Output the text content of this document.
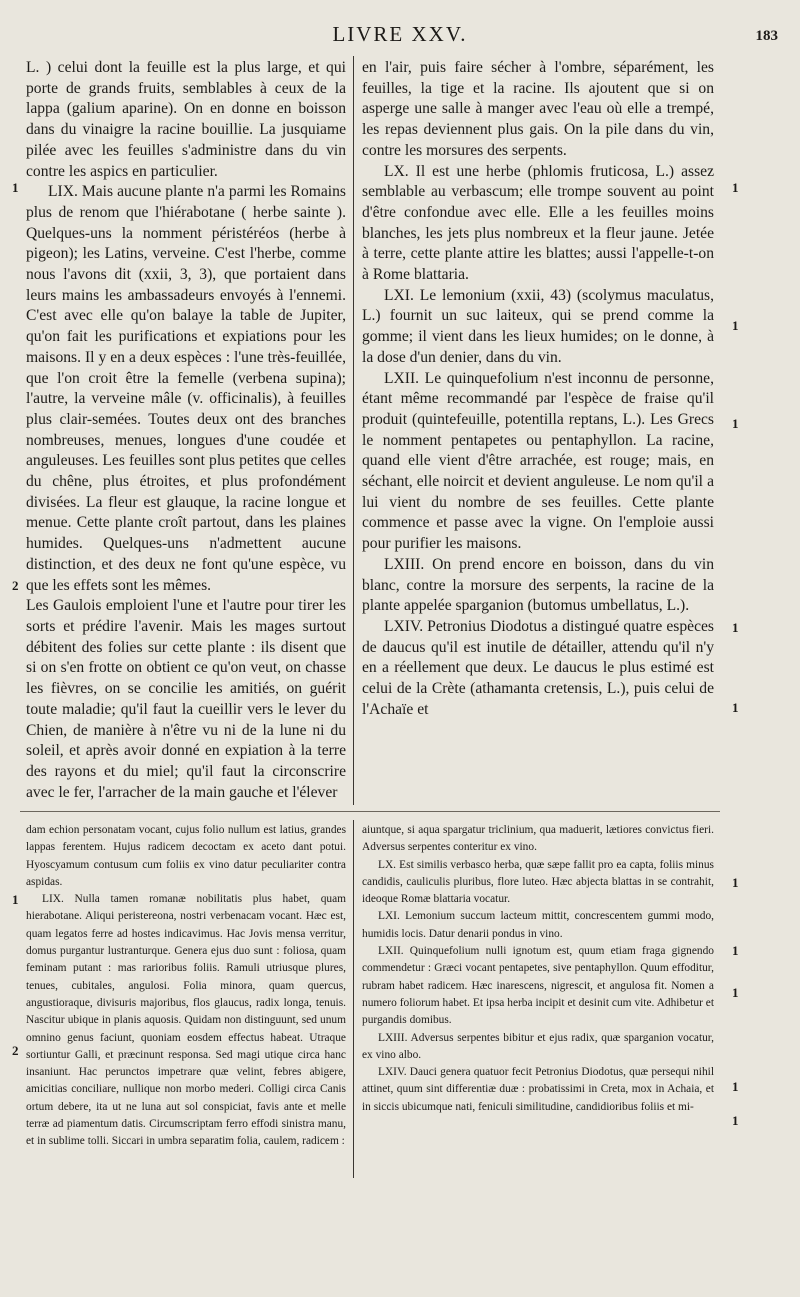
LIVRE XXV.	183

L. ) celui dont la feuille est la plus large, et qui porte de grands fruits, semblables à ceux de la lappa (galium aparine). On en donne en boisson dans du vinaigre la racine bouillie. La jusquiame pilée avec les feuilles s'administre dans du vin contre les aspics en particulier.

LIX. Mais aucune plante n'a parmi les Romains plus de renom que l'hiérabotane ( herbe sainte ). Quelques-uns la nomment péristéréos (herbe à pigeon); les Latins, verveine. C'est l'herbe, comme nous l'avons dit (xxii, 3, 3), que portaient dans leurs mains les ambassadeurs envoyés à l'ennemi. C'est avec elle qu'on balaye la table de Jupiter, qu'on fait les purifications et expiations pour les maisons. Il y en a deux espèces : l'une très-feuillée, que l'on croit être la femelle (verbena supina); l'autre, la verveine mâle (v. officinalis), à feuilles plus clair-semées. Toutes deux ont des branches nombreuses, menues, longues d'une coudée et anguleuses. Les feuilles sont plus petites que celles du chêne, plus étroites, et plus profondément divisées. La fleur est glauque, la racine longue et menue. Cette plante croît partout, dans les plaines humides. Quelques-uns n'admettent aucune distinction, et des deux ne font qu'une espèce, vu que les effets sont les mêmes.

Les Gaulois emploient l'une et l'autre pour tirer les sorts et prédire l'avenir. Mais les mages surtout débitent des folies sur cette plante : ils disent que si on s'en frotte on obtient ce qu'on veut, on chasse les fièvres, on se concilie les amitiés, on guérit toute maladie; qu'il faut la cueillir vers le lever du Chien, de manière à n'être vu ni de la lune ni du soleil, et après avoir donné en expiation à la terre des rayons et du miel; qu'il faut la circonscrire avec le fer, l'arracher de la main gauche et l'élever

en l'air, puis faire sécher à l'ombre, séparément, les feuilles, la tige et la racine. Ils ajoutent que si on asperge une salle à manger avec l'eau où elle a trempé, les repas deviennent plus gais. On la pile dans du vin, contre les morsures des serpents.

LX. Il est une herbe (phlomis fruticosa, L.) assez semblable au verbascum; elle trompe souvent au point d'être confondue avec elle. Elle a les feuilles moins blanches, les jets plus nombreux et la fleur jaune. Jetée à terre, cette plante attire les blattes; aussi l'appelle-t-on à Rome blattaria.

LXI. Le lemonium (xxii, 43) (scolymus maculatus, L.) fournit un suc laiteux, qui se prend comme la gomme; il vient dans les lieux humides; on le donne, à la dose d'un denier, dans du vin.

LXII. Le quinquefolium n'est inconnu de personne, étant même recommandé par l'espèce de fraise qu'il produit (quintefeuille, potentilla reptans, L.). Les Grecs le nomment pentapetes ou pentaphyllon. La racine, quand elle vient d'être arrachée, est rouge; mais, en séchant, elle noircit et devient anguleuse. Le nom qu'il a lui vient du nombre de ses feuilles. Cette plante commence et passe avec la vigne. On l'emploie aussi pour purifier les maisons.

LXIII. On prend encore en boisson, dans du vin blanc, contre la morsure des serpents, la racine de la plante appelée sparganion (butomus umbellatus, L.).

LXIV. Petronius Diodotus a distingué quatre espèces de daucus qu'il est inutile de détailler, attendu qu'il n'y en a réellement que deux. Le daucus le plus estimé est celui de la Crète (athamanta cretensis, L.), puis celui de l'Achaïe et

dam echion personatam vocant, cujus folio nullum est latius, grandes lappas ferentem. Hujus radicem decoctam ex aceto dant potui. Hyoscyamum contusum cum foliis ex vino datur peculiariter contra aspidas.

LIX. Nulla tamen romanæ nobilitatis plus habet, quam hierabotane. Aliqui peristereona, nostri verbenacam vocant. Hæc est, quam legatos ferre ad hostes indicavimus. Hac Jovis mensa verritur, domus purgantur lustranturque. Genera ejus duo sunt : foliosa, quam feminam putant : mas rarioribus foliis. Ramuli utriusque plures, tenues, cubitales, angulosi. Folia minora, quam quercus, angustioraque, divisuris majoribus, flos glaucus, radix longa, tenuis. Nascitur ubique in planis aquosis. Quidam non distinguunt, sed unum omnino genus faciunt, quoniam eosdem effectus habeat. Utraque sortiuntur Galli, et præcinunt responsa. Sed magi utique circa hanc insaniunt. Hac perunctos impetrare quæ velint, febres abigere, amicitias conciliare, nullique non morbo mederi. Colligi circa Canis ortum debere, ita ut ne luna aut sol conspiciat, favis ante et melle terræ ad piamentum datis. Circumscriptam ferro effodi sinistra manu, et in sublime tolli. Siccari in umbra separatim folia, caulem, radicem :

aiuntque, si aqua spargatur triclinium, qua maduerit, lætiores convictus fieri. Adversus serpentes conteritur ex vino.

LX. Est similis verbasco herba, quæ sæpe fallit pro ea capta, foliis minus candidis, cauliculis pluribus, flore luteo. Hæc abjecta blattas in se contrahit, ideoque Romæ blattaria vocatur.

LXI. Lemonium succum lacteum mittit, concrescentem gummi modo, humidis locis. Datur denarii pondus in vino.

LXII. Quinquefolium nulli ignotum est, quum etiam fraga gignendo commendetur : Græci vocant pentapetes, sive pentaphyllon. Quum effoditur, rubram habet radicem. Hæc inarescens, nigrescit, et angulosa fit. Nomen a numero foliorum habet. Et ipsa herba incipit et desinit cum vite. Adhibetur et purgandis domibus.

LXIII. Adversus serpentes bibitur et ejus radix, quæ sparganion vocatur, ex vino albo.

LXIV. Dauci genera quatuor fecit Petronius Diodotus, quæ persequi nihil attinet, quum sint differentiæ duæ : probatissimi in Creta, mox in Achaia, et in siccis ubicumque nati, feniculi similitudine, candidioribus foliis et mi-

1
2
1
1
1
1
1
1
2
1
1
1
1
1
